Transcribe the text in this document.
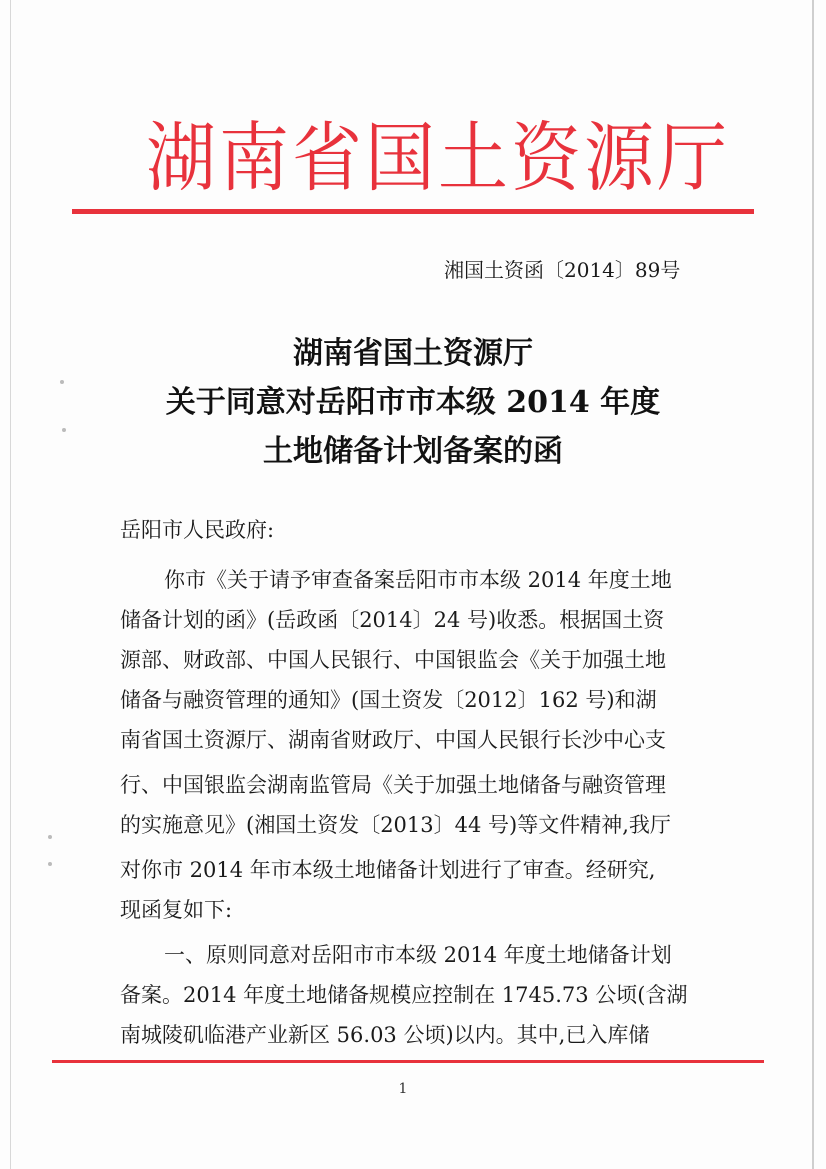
湖南省国土资源厅
湘国土资函〔2014〕89号
湖南省国土资源厅
关于同意对岳阳市市本级 2014 年度
土地储备计划备案的函
岳阳市人民政府:
你市《关于请予审查备案岳阳市市本级 2014 年度土地
储备计划的函》(岳政函〔2014〕24 号)收悉。根据国土资
源部、财政部、中国人民银行、中国银监会《关于加强土地
储备与融资管理的通知》(国土资发〔2012〕162 号)和湖
南省国土资源厅、湖南省财政厅、中国人民银行长沙中心支
行、中国银监会湖南监管局《关于加强土地储备与融资管理
的实施意见》(湘国土资发〔2013〕44 号)等文件精神,我厅
对你市 2014 年市本级土地储备计划进行了审查。经研究,
现函复如下:
一、原则同意对岳阳市市本级 2014 年度土地储备计划
备案。2014 年度土地储备规模应控制在 1745.73 公顷(含湖
南城陵矶临港产业新区 56.03 公顷)以内。其中,已入库储
1
